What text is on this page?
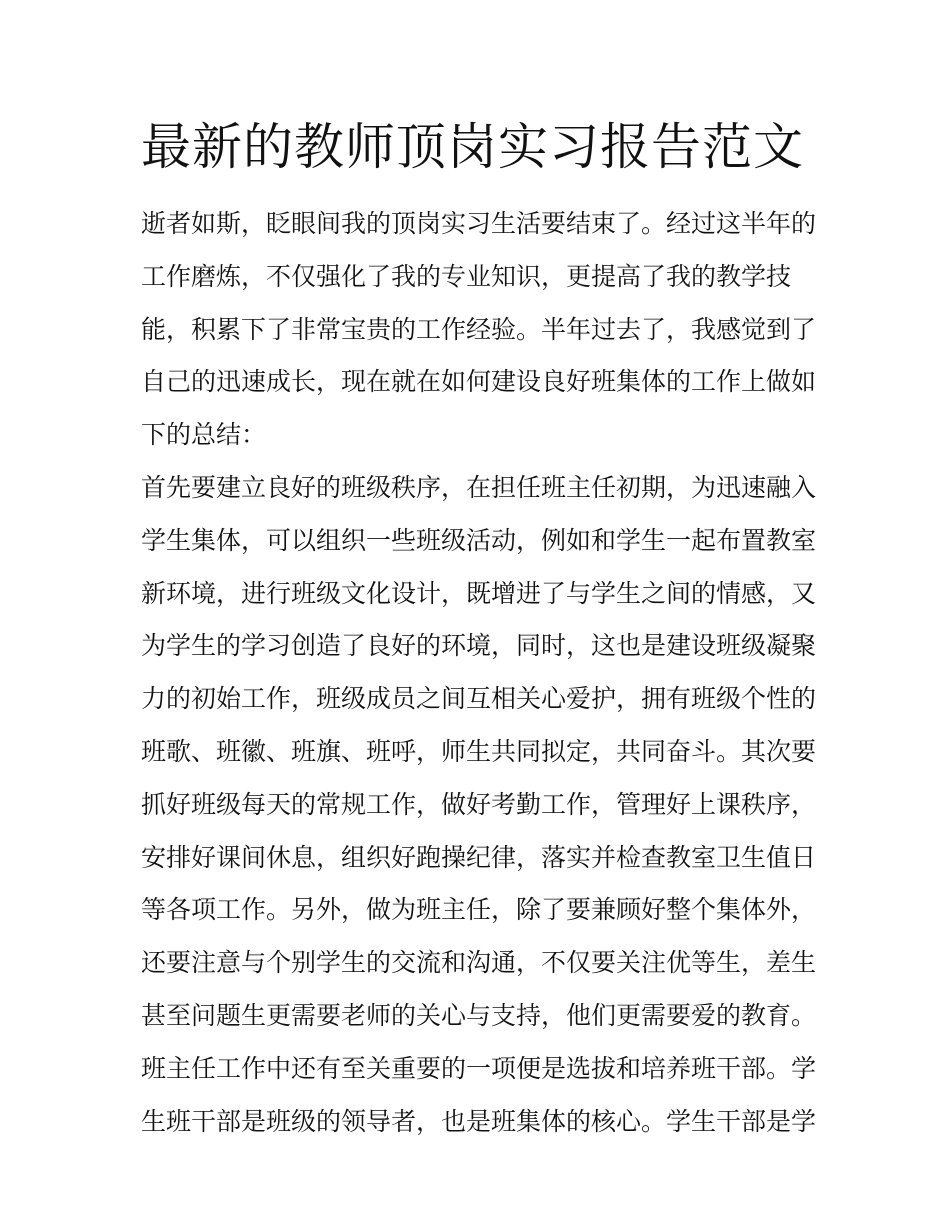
最新的教师顶岗实习报告范文
逝者如斯，眨眼间我的顶岗实习生活要结束了。经过这半年的
工作磨炼，不仅强化了我的专业知识，更提高了我的教学技
能，积累下了非常宝贵的工作经验。半年过去了，我感觉到了
自己的迅速成长，现在就在如何建设良好班集体的工作上做如
下的总结：
首先要建立良好的班级秩序，在担任班主任初期，为迅速融入
学生集体，可以组织一些班级活动，例如和学生一起布置教室
新环境，进行班级文化设计，既增进了与学生之间的情感，又
为学生的学习创造了良好的环境，同时，这也是建设班级凝聚
力的初始工作，班级成员之间互相关心爱护，拥有班级个性的
班歌、班徽、班旗、班呼，师生共同拟定，共同奋斗。其次要
抓好班级每天的常规工作，做好考勤工作，管理好上课秩序，
安排好课间休息，组织好跑操纪律，落实并检查教室卫生值日
等各项工作。另外，做为班主任，除了要兼顾好整个集体外，
还要注意与个别学生的交流和沟通，不仅要关注优等生，差生
甚至问题生更需要老师的关心与支持，他们更需要爱的教育。
班主任工作中还有至关重要的一项便是选拔和培养班干部。学
生班干部是班级的领导者，也是班集体的核心。学生干部是学
